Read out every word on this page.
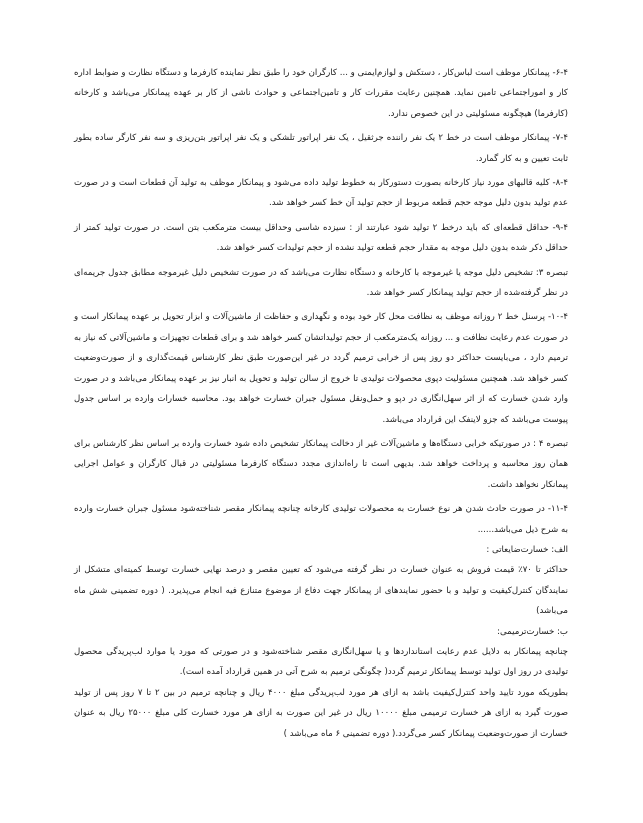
۶-۴- پیمانکار موظف است لباس‌کار ، دستکش و لوازم‌ایمنی و ... کارگران خود را طبق نظر نماینده کارفرما و دستگاه نظارت و ضوابط اداره کار و اموراجتماعی تامین نماید. همچنین رعایت مقررات کار و تامین‌اجتماعی و حوادث ناشی از کار بر عهده پیمانکار می‌باشد و کارخانه (کارفرما) هیچگونه مسئولیتی در این خصوص ندارد.

۷-۴- پیمانکار موظف است در خط ۲ یک نفر راننده جرثقیل ، یک نفر اپراتور تلشکی و یک نفر اپراتور بتن‌ریزی و سه نفر کارگر ساده بطور ثابت تعیین و به کار گمارد.

۸-۴- کلیه قالبهای مورد نیاز کارخانه بصورت دستورکار به خطوط تولید داده می‌شود و پیمانکار موظف به تولید آن قطعات است و در صورت عدم تولید بدون دلیل موجه حجم قطعه مربوط از حجم تولید آن خط کسر خواهد شد.

۹-۴- حداقل قطعه‌ای که باید درخط ۲ تولید شود عبارتند از : سیزده شاسی وحداقل بیست مترمکعب بتن است. در صورت تولید کمتر از حداقل ذکر شده بدون دلیل موجه به مقدار حجم قطعه تولید نشده از حجم تولیدات کسر خواهد شد.

تبصره ۳: تشخیص دلیل موجه یا غیرموجه با کارخانه و دستگاه نظارت می‌باشد که در صورت تشخیص دلیل غیرموجه مطابق جدول جریمه‌ای در نظر گرفته‌شده از حجم تولید پیمانکار کسر خواهد شد.

۱۰-۴- پرسنل خط ۲ روزانه موظف به نظافت محل کار خود بوده و نگهداری و حفاظت از ماشین‌آلات و ابزار تحویل بر عهده پیمانکار است و در صورت عدم رعایت نظافت و ... روزانه یک‌مترمکعب از حجم تولیداتشان کسر خواهد شد و برای قطعات تجهیزات و ماشین‌آلاتی که نیاز به ترمیم دارد ، می‌بایست حداکثر دو روز پس از خرابی ترمیم گردد در غیر این‌صورت طبق نظر کارشناس قیمت‌گذاری و از صورت‌وضعیت کسر خواهد شد. همچنین مسئولیت دپوی محصولات تولیدی تا خروج از سالن تولید و تحویل به انبار نیز بر عهده پیمانکار می‌باشد و در صورت وارد شدن خسارت که از اثر سهل‌انگاری در دپو و حمل‌ونقل مسئول جبران خسارت خواهد بود. محاسبه خسارات وارده بر اساس جدول پیوست می‌باشد که جزو لاینفک این قرارداد می‌باشد.

تبصره ۴ : در صورتیکه خرابی دستگاه‌ها و ماشین‌آلات غیر از دخالت پیمانکار تشخیص داده شود خسارت وارده بر اساس نظر کارشناس برای همان روز محاسبه و پرداخت خواهد شد. بدیهی است تا راه‌اندازی مجدد دستگاه کارفرما مسئولیتی در قبال کارگران و عوامل اجرایی پیمانکار نخواهد داشت.

۱۱-۴- در صورت حادث شدن هر نوع خسارت به محصولات تولیدی کارخانه چنانچه پیمانکار مقصر شناخته‌شود مسئول جبران خسارت وارده به شرح ذیل می‌باشد......

الف: خسارت‌ضایعاتی :

حداکثر تا ۷۰٪ قیمت فروش به عنوان خسارت در نظر گرفته می‌شود که تعیین مقصر و درصد نهایی خسارت توسط کمیته‌ای متشکل از نمایندگان کنترل‌کیفیت و تولید و با حضور نمایندهای از پیمانکار جهت دفاع از موضوع متنازع فیه انجام می‌پذیرد. ( دوره تضمینی شش ماه می‌باشد)

ب: خسارت‌ترمیمی:

چنانچه پیمانکار به دلایل عدم رعایت استانداردها و یا سهل‌انگاری مقصر شناخته‌شود و در صورتی که مورد یا موارد لب‌پریدگی محصول تولیدی در روز اول تولید توسط پیمانکار ترمیم گردد( چگونگی ترمیم به شرح آتی در همین قرارداد آمده است).

بطوریکه مورد تایید واحد کنترل‌کیفیت باشد به ازای هر مورد لب‌پریدگی مبلغ ۴۰۰۰ ریال و چنانچه ترمیم در بین ۲ تا ۷ روز پس از تولید صورت گیرد به ازای هر خسارت ترمیمی مبلغ ۱۰۰۰۰ ریال در غیر این صورت به ازای هر مورد خسارت کلی مبلغ ۲۵۰۰۰ ریال به عنوان خسارت از صورت‌وضعیت پیمانکار کسر می‌گردد.( دوره تضمینی ۶ ماه می‌باشد )
